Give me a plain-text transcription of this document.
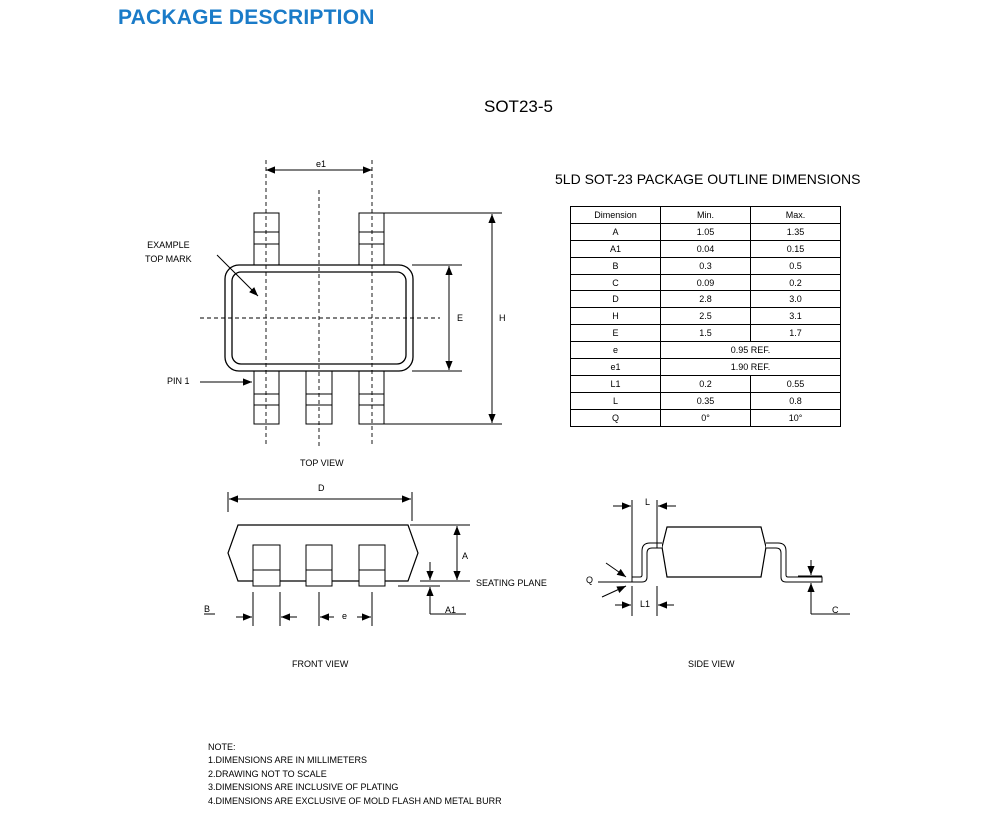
PACKAGE DESCRIPTION
SOT23-5
5LD SOT-23 PACKAGE OUTLINE DIMENSIONS
Dimension	Min.	Max.
A	1.05	1.35
A1	0.04	0.15
B	0.3	0.5
C	0.09	0.2
D	2.8	3.0
H	2.5	3.1
E	1.5	1.7
e	0.95 REF.	
e1	1.90 REF.	
L1	0.2	0.55
L	0.35	0.8
Q	0°	10°
EXAMPLE
TOP MARK
PIN 1
e1
E	H
TOP VIEW
D
A
SEATING PLANE
A1
B
e
FRONT VIEW
L
L1
Q
C
SIDE VIEW
NOTE:
1.DIMENSIONS ARE IN MILLIMETERS
2.DRAWING NOT TO SCALE
3.DIMENSIONS ARE INCLUSIVE OF PLATING
4.DIMENSIONS ARE EXCLUSIVE OF MOLD FLASH AND METAL BURR
